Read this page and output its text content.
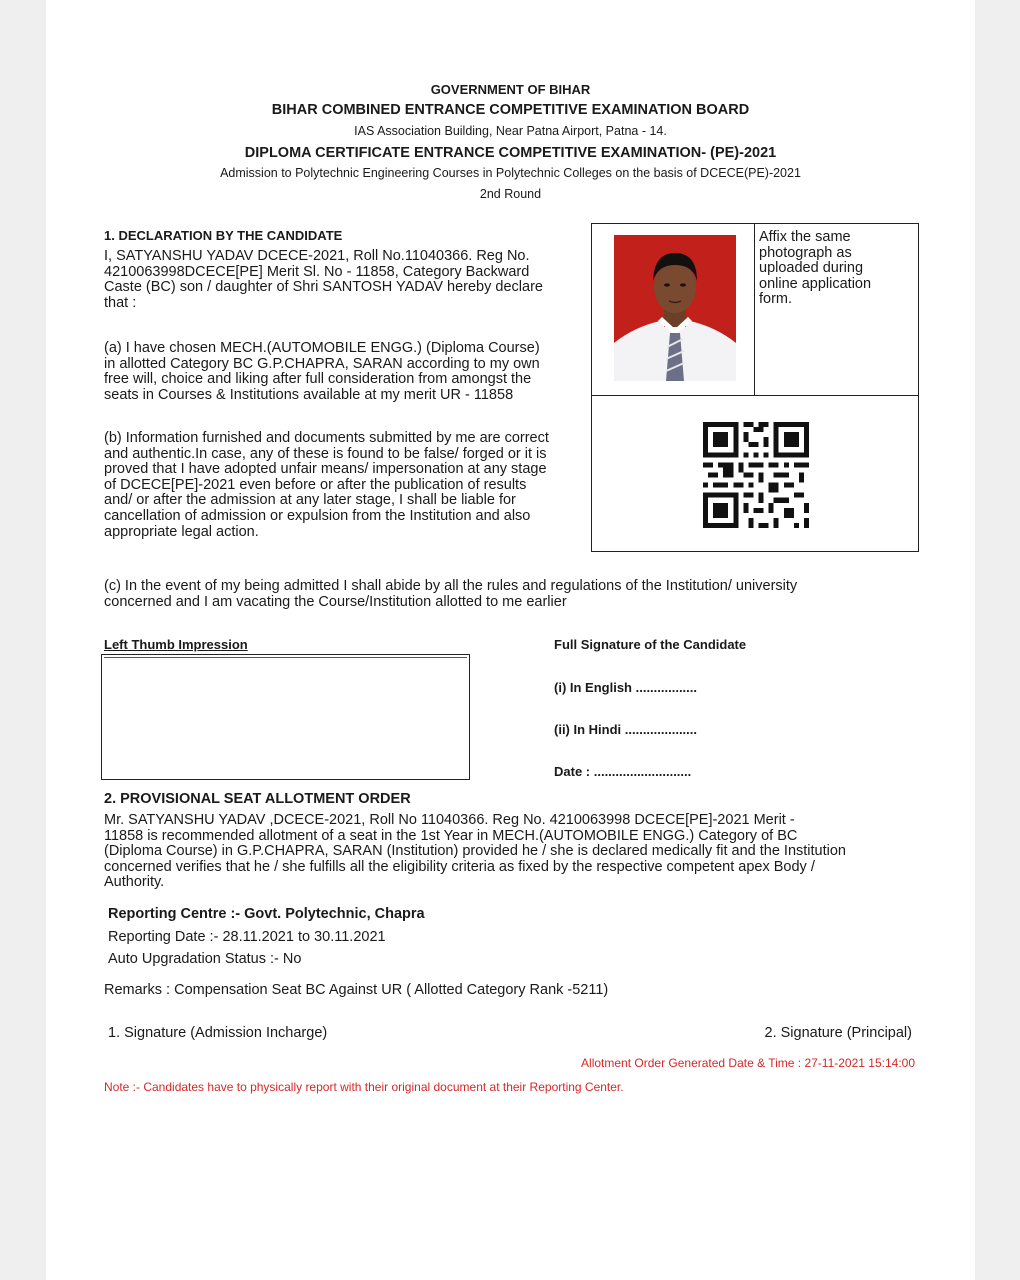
GOVERNMENT OF BIHAR
BIHAR COMBINED ENTRANCE COMPETITIVE EXAMINATION BOARD
IAS Association Building, Near Patna Airport, Patna - 14.
DIPLOMA CERTIFICATE ENTRANCE COMPETITIVE EXAMINATION- (PE)-2021
Admission to Polytechnic Engineering Courses in Polytechnic Colleges on the basis of DCECE(PE)-2021
2nd Round
1. DECLARATION BY THE CANDIDATE
I, SATYANSHU YADAV DCECE-2021, Roll No.11040366. Reg No.
4210063998DCECE[PE] Merit Sl. No - 11858, Category Backward
Caste (BC) son / daughter of Shri SANTOSH YADAV hereby declare
that :
(a) I have chosen MECH.(AUTOMOBILE ENGG.) (Diploma Course)
in allotted Category BC G.P.CHAPRA, SARAN according to my own
free will, choice and liking after full consideration from amongst the
seats in Courses & Institutions available at my merit UR - 11858
(b) Information furnished and documents submitted by me are correct
and authentic.In case, any of these is found to be false/ forged or it is
proved that I have adopted unfair means/ impersonation at any stage
of DCECE[PE]-2021 even before or after the publication of results
and/ or after the admission at any later stage, I shall be liable for
cancellation of admission or expulsion from the Institution and also
appropriate legal action.
Affix the same
photograph as
uploaded during
online application
form.
(c) In the event of my being admitted I shall abide by all the rules and regulations of the Institution/ university
concerned and I am vacating the Course/Institution allotted to me earlier
Left Thumb Impression	Full Signature of the Candidate
(i) In English .................
(ii) In Hindi ....................
Date : ...........................
2. PROVISIONAL SEAT ALLOTMENT ORDER
Mr. SATYANSHU YADAV ,DCECE-2021, Roll No 11040366. Reg No. 4210063998 DCECE[PE]-2021 Merit -
11858 is recommended allotment of a seat in the 1st Year in MECH.(AUTOMOBILE ENGG.) Category of BC
(Diploma Course) in G.P.CHAPRA, SARAN (Institution) provided he / she is declared medically fit and the Institution
concerned verifies that he / she fulfills all the eligibility criteria as fixed by the respective competent apex Body /
Authority.
Reporting Centre :- Govt. Polytechnic, Chapra
Reporting Date :- 28.11.2021 to 30.11.2021
Auto Upgradation Status :- No
Remarks : Compensation Seat BC Against UR ( Allotted Category Rank -5211)
1. Signature (Admission Incharge)	2. Signature (Principal)
Allotment Order Generated Date & Time : 27-11-2021 15:14:00
Note :- Candidates have to physically report with their original document at their Reporting Center.
